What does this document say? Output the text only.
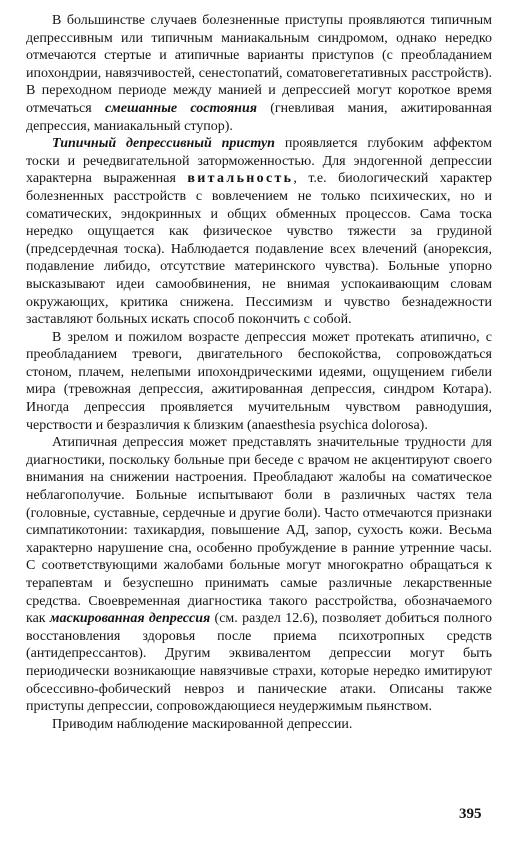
В большинстве случаев болезненные приступы проявляются типичным депрессивным или типичным маниакальным синдромом, однако нередко отмечаются стертые и атипичные варианты приступов (с преобладанием ипохондрии, навязчивостей, сенестопатий, соматовегетативных расстройств). В переходном периоде между манией и депрессией могут короткое время отмечаться смешанные состояния (гневливая мания, ажитированная депрессия, маниакальный ступор).

Типичный депрессивный приступ проявляется глубоким аффектом тоски и речедвигательной заторможенностью. Для эндогенной депрессии характерна выраженная витальность, т.е. биологический характер болезненных расстройств с вовлечением не только психических, но и соматических, эндокринных и общих обменных процессов. Сама тоска нередко ощущается как физическое чувство тяжести за грудиной (предсердечная тоска). Наблюдается подавление всех влечений (анорексия, подавление либидо, отсутствие материнского чувства). Больные упорно высказывают идеи самообвинения, не внимая успокаивающим словам окружающих, критика снижена. Пессимизм и чувство безнадежности заставляют больных искать способ покончить с собой.

В зрелом и пожилом возрасте депрессия может протекать атипично, с преобладанием тревоги, двигательного беспокойства, сопровождаться стоном, плачем, нелепыми ипохондрическими идеями, ощущением гибели мира (тревожная депрессия, ажитированная депрессия, синдром Котара). Иногда депрессия проявляется мучительным чувством равнодушия, черствости и безразличия к близким (anaesthesia psychica dolorosa).

Атипичная депрессия может представлять значительные трудности для диагностики, поскольку больные при беседе с врачом не акцентируют своего внимания на снижении настроения. Преобладают жалобы на соматическое неблагополучие. Больные испытывают боли в различных частях тела (головные, суставные, сердечные и другие боли). Часто отмечаются признаки симпатикотонии: тахикардия, повышение АД, запор, сухость кожи. Весьма характерно нарушение сна, особенно пробуждение в ранние утренние часы. С соответствующими жалобами больные могут многократно обращаться к терапевтам и безуспешно принимать самые различные лекарственные средства. Своевременная диагностика такого расстройства, обозначаемого как маскированная депрессия (см. раздел 12.6), позволяет добиться полного восстановления здоровья после приема психотропных средств (антидепрессантов). Другим эквивалентом депрессии могут быть периодически возникающие навязчивые страхи, которые нередко имитируют обсессивно-фобический невроз и панические атаки. Описаны также приступы депрессии, сопровождающиеся неудержимым пьянством.

Приводим наблюдение маскированной депрессии.

395
